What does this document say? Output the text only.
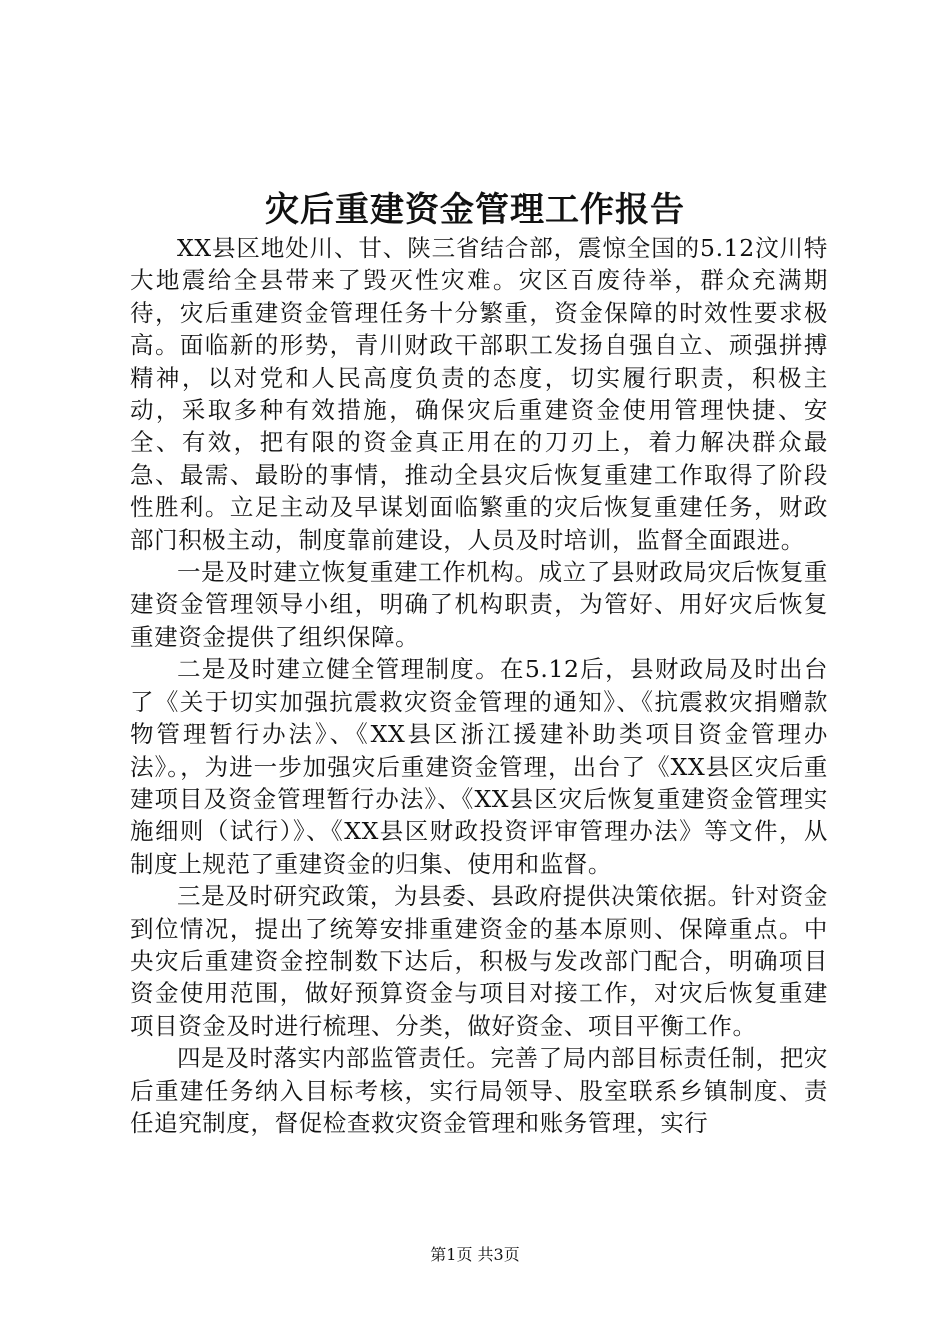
灾后重建资金管理工作报告

XX县区地处川、甘、陕三省结合部，震惊全国的5.12汶川特大地震给全县带来了毁灭性灾难。灾区百废待举，群众充满期待，灾后重建资金管理任务十分繁重，资金保障的时效性要求极高。面临新的形势，青川财政干部职工发扬自强自立、顽强拼搏精神，以对党和人民高度负责的态度，切实履行职责，积极主动，采取多种有效措施，确保灾后重建资金使用管理快捷、安全、有效，把有限的资金真正用在的刀刃上，着力解决群众最急、最需、最盼的事情，推动全县灾后恢复重建工作取得了阶段性胜利。立足主动及早谋划面临繁重的灾后恢复重建任务，财政部门积极主动，制度靠前建设，人员及时培训，监督全面跟进。

一是及时建立恢复重建工作机构。成立了县财政局灾后恢复重建资金管理领导小组，明确了机构职责，为管好、用好灾后恢复重建资金提供了组织保障。

二是及时建立健全管理制度。在5.12后，县财政局及时出台了《关于切实加强抗震救灾资金管理的通知》、《抗震救灾捐赠款物管理暂行办法》、《XX县区浙江援建补助类项目资金管理办法》。，为进一步加强灾后重建资金管理，出台了《XX县区灾后重建项目及资金管理暂行办法》、《XX县区灾后恢复重建资金管理实施细则（试行）》、《XX县区财政投资评审管理办法》等文件，从制度上规范了重建资金的归集、使用和监督。

三是及时研究政策，为县委、县政府提供决策依据。针对资金到位情况，提出了统筹安排重建资金的基本原则、保障重点。中央灾后重建资金控制数下达后，积极与发改部门配合，明确项目资金使用范围，做好预算资金与项目对接工作，对灾后恢复重建项目资金及时进行梳理、分类，做好资金、项目平衡工作。

四是及时落实内部监管责任。完善了局内部目标责任制，把灾后重建任务纳入目标考核，实行局领导、股室联系乡镇制度、责任追究制度，督促检查救灾资金管理和账务管理，实行

第1页 共3页
